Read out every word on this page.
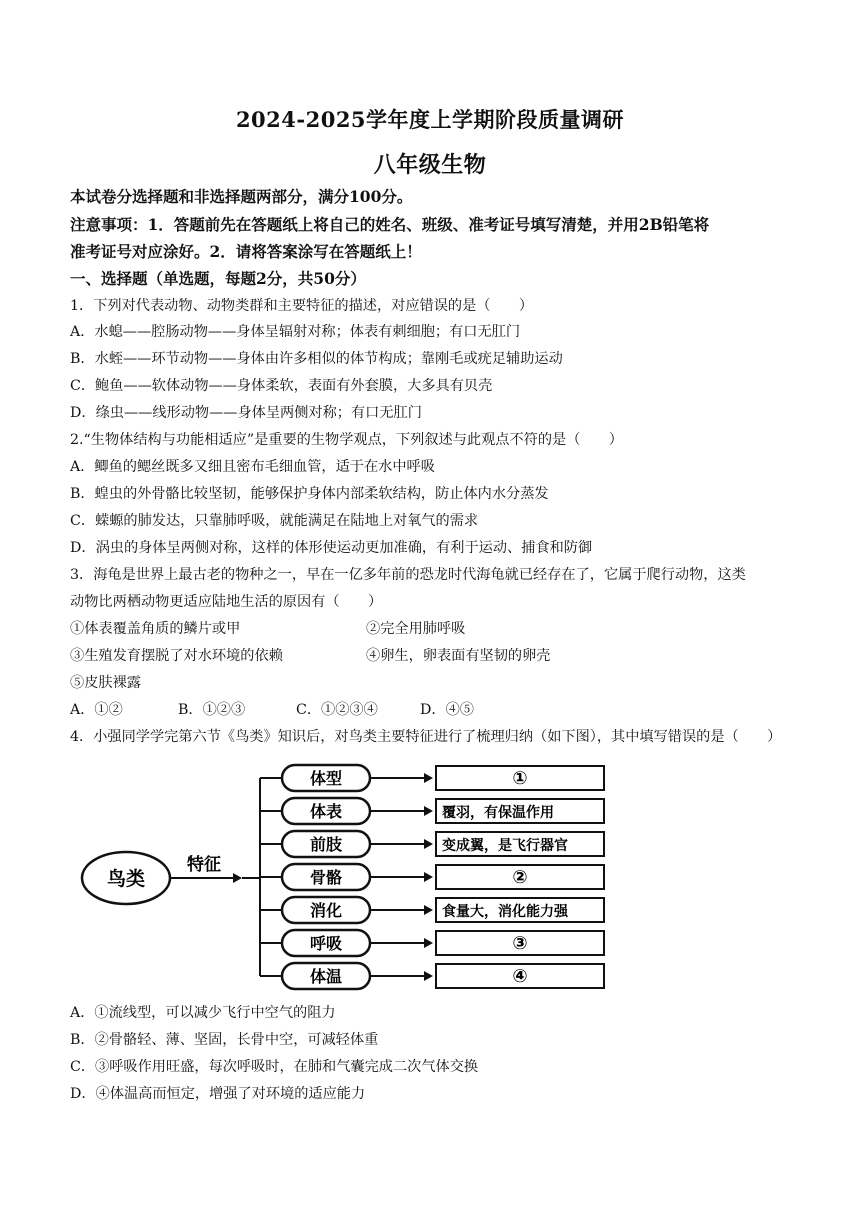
2024-2025学年度上学期阶段质量调研
八年级生物
本试卷分选择题和非选择题两部分，满分100分。
注意事项：1．答题前先在答题纸上将自己的姓名、班级、准考证号填写清楚，并用2B铅笔将
准考证号对应涂好。2．请将答案涂写在答题纸上！
一、选择题（单选题，每题2分，共50分）
1．下列对代表动物、动物类群和主要特征的描述，对应错误的是（　　）
A．水螅——腔肠动物——身体呈辐射对称；体表有刺细胞；有口无肛门
B．水蛭——环节动物——身体由许多相似的体节构成；靠刚毛或疣足辅助运动
C．鲍鱼——软体动物——身体柔软，表面有外套膜，大多具有贝壳
D．绦虫——线形动物——身体呈两侧对称；有口无肛门
2.“生物体结构与功能相适应”是重要的生物学观点，下列叙述与此观点不符的是（　　）
A．鲫鱼的鳃丝既多又细且密布毛细血管，适于在水中呼吸
B．蝗虫的外骨骼比较坚韧，能够保护身体内部柔软结构，防止体内水分蒸发
C．蝾螈的肺发达，只靠肺呼吸，就能满足在陆地上对氧气的需求
D．涡虫的身体呈两侧对称，这样的体形使运动更加准确，有利于运动、捕食和防御
3．海龟是世界上最古老的物种之一，早在一亿多年前的恐龙时代海龟就已经存在了，它属于爬行动物，这类
动物比两栖动物更适应陆地生活的原因有（　　）
①体表覆盖角质的鳞片或甲	②完全用肺呼吸
③生殖发育摆脱了对水环境的依赖	④卵生，卵表面有坚韧的卵壳
⑤皮肤裸露
A．①②	B．①②③	C．①②③④	D．④⑤
4．小强同学学完第六节《鸟类》知识后，对鸟类主要特征进行了梳理归纳（如下图），其中填写错误的是（　　）
鸟类
特征
体型	①
体表	覆羽，有保温作用
前肢	变成翼，是飞行器官
骨骼	②
消化	食量大，消化能力强
呼吸	③
体温	④
A．①流线型，可以减少飞行中空气的阻力
B．②骨骼轻、薄、坚固，长骨中空，可减轻体重
C．③呼吸作用旺盛，每次呼吸时，在肺和气囊完成二次气体交换
D．④体温高而恒定，增强了对环境的适应能力
